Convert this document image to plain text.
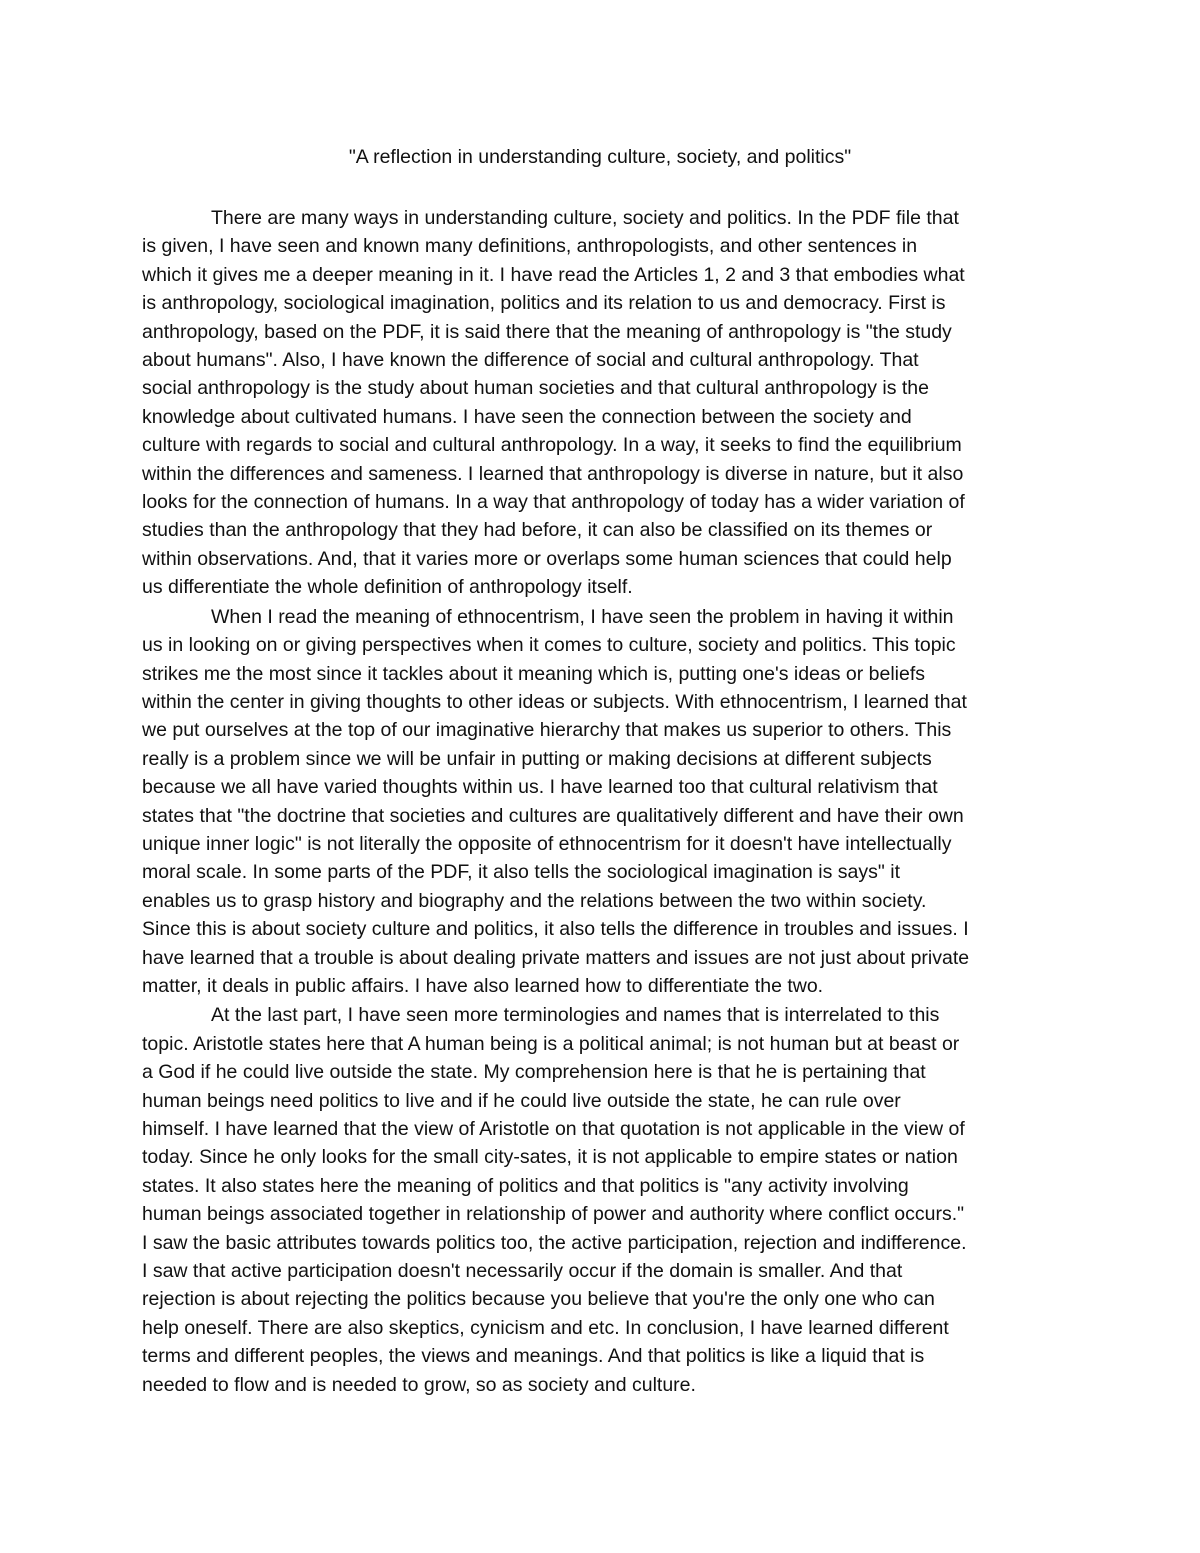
"A reflection in understanding culture, society, and politics"

There are many ways in understanding culture, society and politics. In the PDF file that
is given, I have seen and known many definitions, anthropologists, and other sentences in
which it gives me a deeper meaning in it. I have read the Articles 1, 2 and 3 that embodies what
is anthropology, sociological imagination, politics and its relation to us and democracy. First is
anthropology, based on the PDF, it is said there that the meaning of anthropology is "the study
about humans". Also, I have known the difference of social and cultural anthropology. That
social anthropology is the study about human societies and that cultural anthropology is the
knowledge about cultivated humans. I have seen the connection between the society and
culture with regards to social and cultural anthropology. In a way, it seeks to find the equilibrium
within the differences and sameness. I learned that anthropology is diverse in nature, but it also
looks for the connection of humans. In a way that anthropology of today has a wider variation of
studies than the anthropology that they had before, it can also be classified on its themes or
within observations. And, that it varies more or overlaps some human sciences that could help
us differentiate the whole definition of anthropology itself.

When I read the meaning of ethnocentrism, I have seen the problem in having it within
us in looking on or giving perspectives when it comes to culture, society and politics. This topic
strikes me the most since it tackles about it meaning which is, putting one's ideas or beliefs
within the center in giving thoughts to other ideas or subjects. With ethnocentrism, I learned that
we put ourselves at the top of our imaginative hierarchy that makes us superior to others. This
really is a problem since we will be unfair in putting or making decisions at different subjects
because we all have varied thoughts within us. I have learned too that cultural relativism that
states that "the doctrine that societies and cultures are qualitatively different and have their own
unique inner logic" is not literally the opposite of ethnocentrism for it doesn't have intellectually
moral scale. In some parts of the PDF, it also tells the sociological imagination is says" it
enables us to grasp history and biography and the relations between the two within society.
Since this is about society culture and politics, it also tells the difference in troubles and issues. I
have learned that a trouble is about dealing private matters and issues are not just about private
matter, it deals in public affairs. I have also learned how to differentiate the two.

At the last part, I have seen more terminologies and names that is interrelated to this
topic. Aristotle states here that A human being is a political animal; is not human but at beast or
a God if he could live outside the state. My comprehension here is that he is pertaining that
human beings need politics to live and if he could live outside the state, he can rule over
himself. I have learned that the view of Aristotle on that quotation is not applicable in the view of
today. Since he only looks for the small city-sates, it is not applicable to empire states or nation
states. It also states here the meaning of politics and that politics is "any activity involving
human beings associated together in relationship of power and authority where conflict occurs."
I saw the basic attributes towards politics too, the active participation, rejection and indifference.
I saw that active participation doesn't necessarily occur if the domain is smaller. And that
rejection is about rejecting the politics because you believe that you're the only one who can
help oneself. There are also skeptics, cynicism and etc. In conclusion, I have learned different
terms and different peoples, the views and meanings. And that politics is like a liquid that is
needed to flow and is needed to grow, so as society and culture.
